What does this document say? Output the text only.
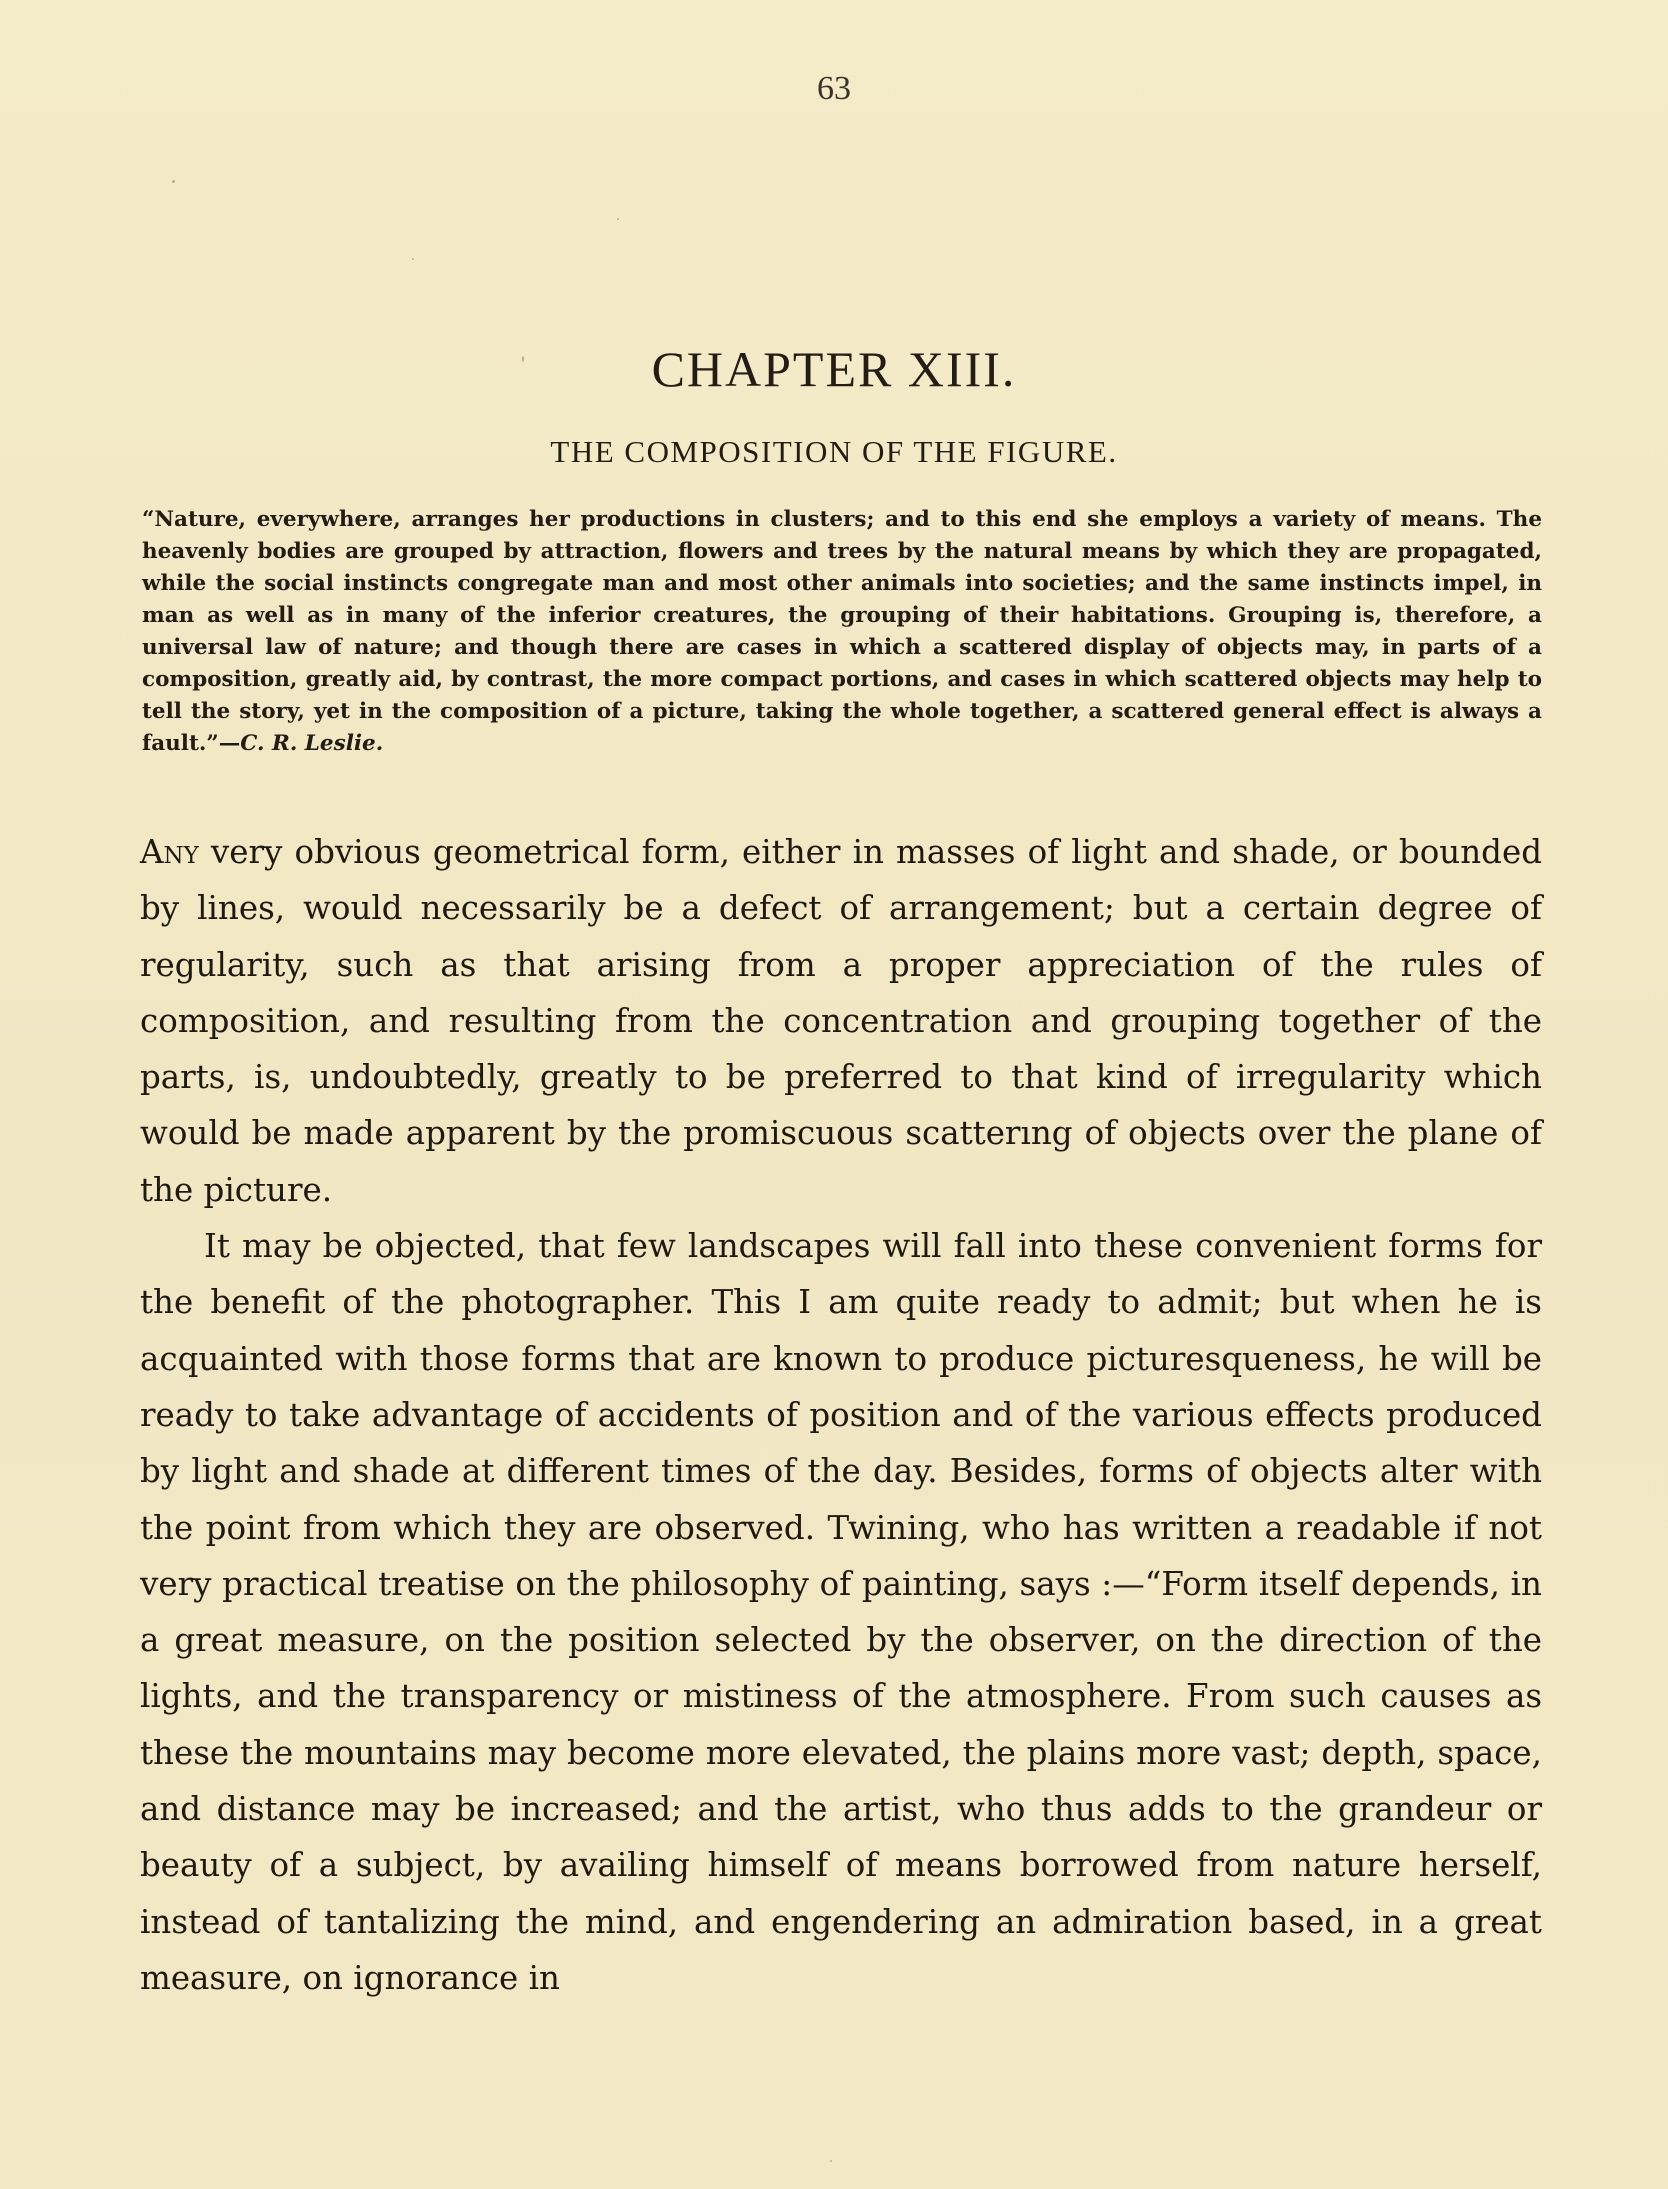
63
CHAPTER XIII.
THE COMPOSITION OF THE FIGURE.
“Nature, everywhere, arranges her productions in clusters; and to this end she employs a variety of means. The heavenly bodies are grouped by attraction, flowers and trees by the natural means by which they are propagated, while the social instincts congregate man and most other animals into societies; and the same instincts impel, in man as well as in many of the inferior creatures, the grouping of their habitations. Grouping is, therefore, a universal law of nature; and though there are cases in which a scattered display of objects may, in parts of a composition, greatly aid, by contrast, the more compact portions, and cases in which scattered objects may help to tell the story, yet in the composition of a picture, taking the whole together, a scattered general effect is always a fault.”—C. R. Leslie.

Any very obvious geometrical form, either in masses of light and shade, or bounded by lines, would necessarily be a defect of arrangement; but a certain degree of regularity, such as that arising from a proper appreciation of the rules of composition, and resulting from the concentration and grouping together of the parts, is, undoubtedly, greatly to be preferred to that kind of irregularity which would be made apparent by the promiscuous scatterıng of objects over the plane of the picture.

It may be objected, that few landscapes will fall into these convenient forms for the benefit of the photographer. This I am quite ready to admit; but when he is acquainted with those forms that are known to produce picturesqueness, he will be ready to take advantage of accidents of position and of the various effects produced by light and shade at different times of the day. Besides, forms of objects alter with the point from which they are observed. Twining, who has written a readable if not very practical treatise on the philosophy of painting, says :—“Form itself depends, in a great measure, on the position selected by the observer, on the direction of the lights, and the transparency or mistiness of the atmosphere. From such causes as these the mountains may become more elevated, the plains more vast; depth, space, and distance may be increased; and the artist, who thus adds to the grandeur or beauty of a subject, by availing himself of means borrowed from nature herself, instead of tantalizing the mind, and engendering an admiration based, in a great measure, on ignorance in
